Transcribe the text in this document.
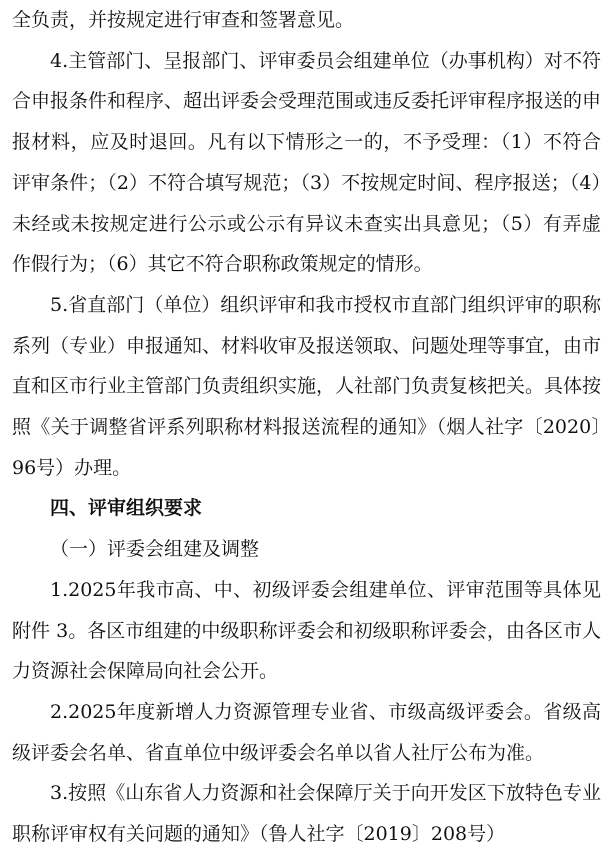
全负责，并按规定进行审查和签署意见。

4.主管部门、呈报部门、评审委员会组建单位（办事机构）对不符合申报条件和程序、超出评委会受理范围或违反委托评审程序报送的申报材料，应及时退回。凡有以下情形之一的，不予受理：（1）不符合评审条件；（2）不符合填写规范；（3）不按规定时间、程序报送；（4）未经或未按规定进行公示或公示有异议未查实出具意见；（5）有弄虚作假行为；（6）其它不符合职称政策规定的情形。

5.省直部门（单位）组织评审和我市授权市直部门组织评审的职称系列（专业）申报通知、材料收审及报送领取、问题处理等事宜，由市直和区市行业主管部门负责组织实施，人社部门负责复核把关。具体按照《关于调整省评系列职称材料报送流程的通知》（烟人社字〔2020〕96号）办理。

四、评审组织要求

（一）评委会组建及调整

1.2025年我市高、中、初级评委会组建单位、评审范围等具体见附件 3。各区市组建的中级职称评委会和初级职称评委会，由各区市人力资源社会保障局向社会公开。

2.2025年度新增人力资源管理专业省、市级高级评委会。省级高级评委会名单、省直单位中级评委会名单以省人社厅公布为准。

3.按照《山东省人力资源和社会保障厅关于向开发区下放特色专业职称评审权有关问题的通知》（鲁人社字〔2019〕208号）
